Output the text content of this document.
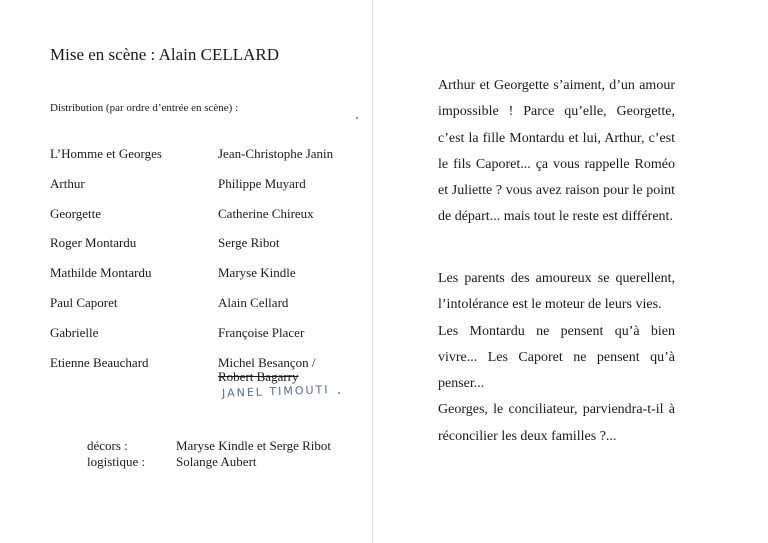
Mise en scène : Alain CELLARD
Distribution (par ordre d’entrée en scène) :
L’Homme et Georges	Jean-Christophe Janin
Arthur	Philippe Muyard
Georgette	Catherine Chireux
Roger Montardu	Serge Ribot
Mathilde Montardu	Maryse Kindle
Paul Caporet	Alain Cellard
Gabrielle	Françoise Placer
Etienne Beauchard	Michel Besançon /
Robert Bagarry
JANEL TIMOUTI
décors :	Maryse Kindle et Serge Ribot
logistique : Solange Aubert

Arthur et Georgette s’aiment, d’un amour impossible ! Parce qu’elle, Georgette, c’est la fille Montardu et lui, Arthur, c’est le fils Caporet... ça vous rappelle Roméo et Juliette ? vous avez raison pour le point de départ... mais tout le reste est différent.

Les parents des amoureux se querellent, l’intolérance est le moteur de leurs vies.

Les Montardu ne pensent qu’à bien vivre... Les Caporet ne pensent qu’à penser...

Georges, le conciliateur, parviendra-t-il à réconcilier les deux familles ?...
